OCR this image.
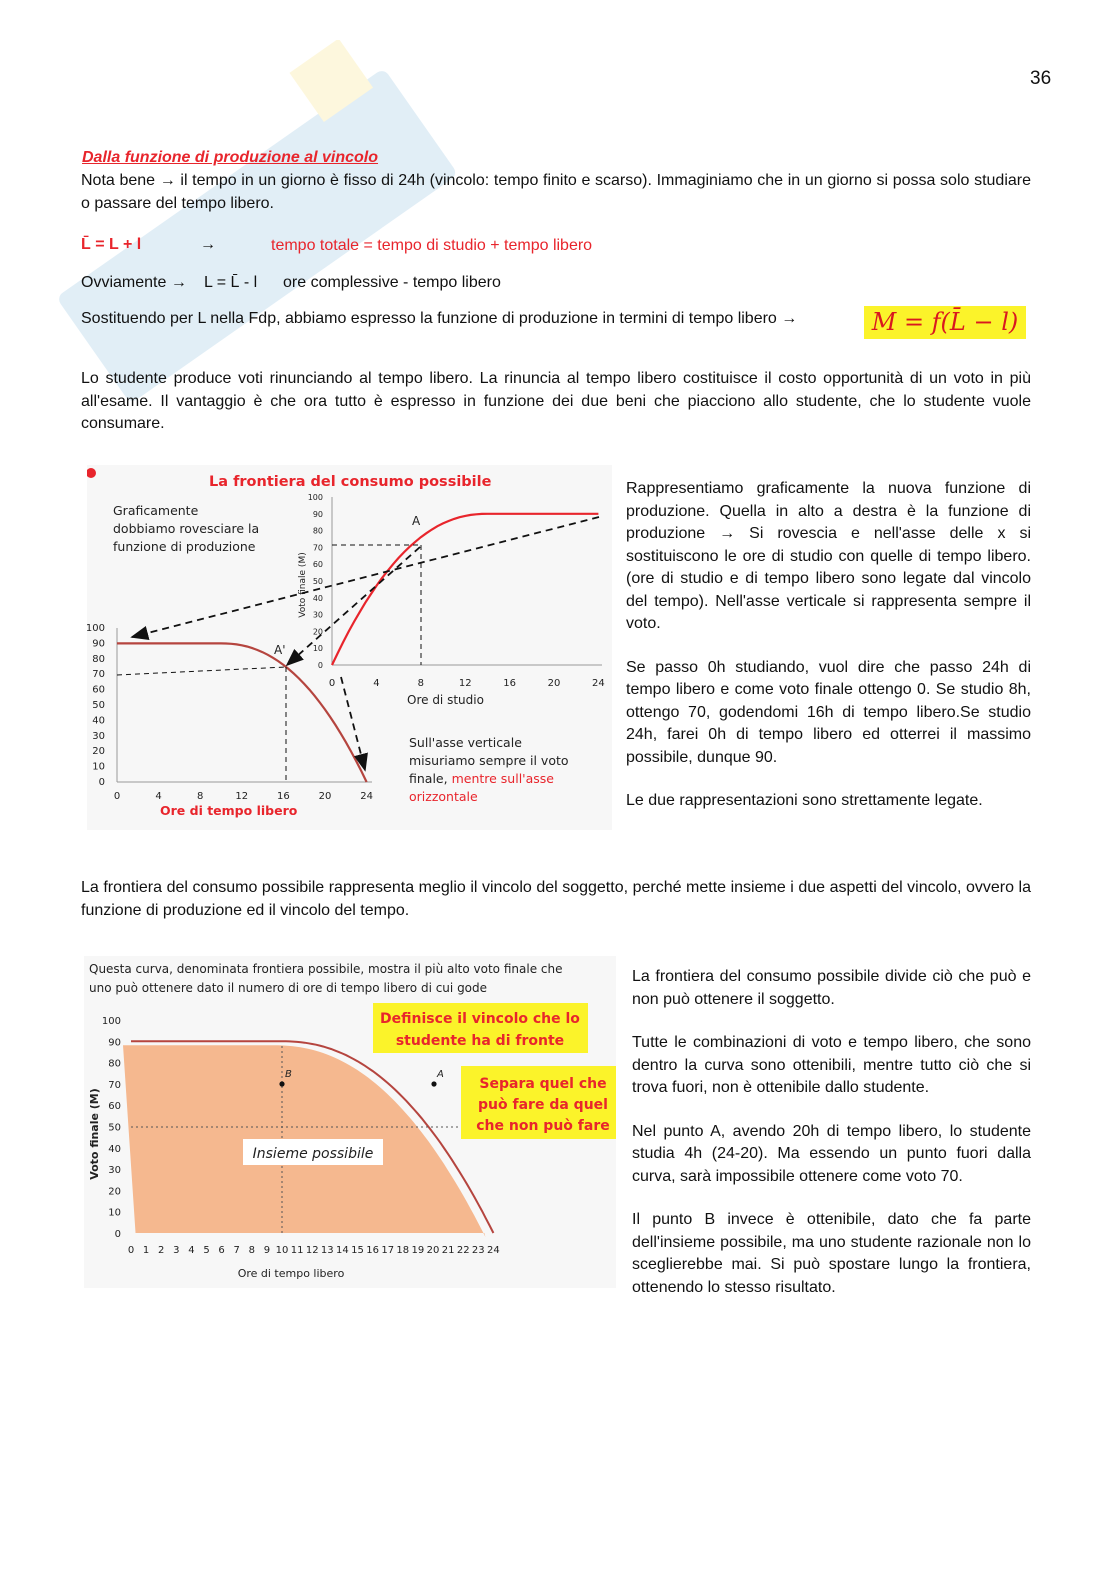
36
Dalla funzione di produzione al vincolo

Nota bene → il tempo in un giorno è fisso di 24h (vincolo: tempo finito e scarso). Immaginiamo che in un giorno si possa solo studiare o passare del tempo libero.

L̄ = L + l	→	tempo totale = tempo di studio + tempo libero
Ovviamente → L = L̄ - l ore complessive - tempo libero
Sostituendo per L nella Fdp, abbiamo espresso la funzione di produzione in termini di tempo libero →	M = f(L̄ − l)

Lo studente produce voti rinunciando al tempo libero. La rinuncia al tempo libero costituisce il costo opportunità di un voto in più all'esame. Il vantaggio è che ora tutto è espresso in funzione dei due beni che piacciono allo studente, che lo studente vuole consumare.

La frontiera del consumo possibile
Graficamente
dobbiamo rovesciare la
funzione di produzione
100
90
80
70
60
50
40
30
20
10
0
0	4	8	12	16	20	24
Voto finale (M)
Ore di studio
A
100
90
80
70
60
50
40
30
20
10
0
0	4	8	12	16	20	24
Ore di tempo libero
A'
Sull'asse verticale
misuriamo sempre il voto
finale, mentre sull'asse
orizzontale

Rappresentiamo graficamente la nuova funzione di produzione. Quella in alto a destra è la funzione di produzione → Si rovescia e nell'asse delle x si sostituiscono le ore di studio con quelle di tempo libero. (ore di studio e di tempo libero sono legate dal vincolo del tempo). Nell'asse verticale si rappresenta sempre il voto.

Se passo 0h studiando, vuol dire che passo 24h di tempo libero e come voto finale ottengo 0. Se studio 8h, ottengo 70, godendomi 16h di tempo libero.Se studio 24h, farei 0h di tempo libero ed otterrei il massimo possibile, dunque 90.

Le due rappresentazioni sono strettamente legate.

La frontiera del consumo possibile rappresenta meglio il vincolo del soggetto, perché mette insieme i due aspetti del vincolo, ovvero la funzione di produzione ed il vincolo del tempo.

Questa curva, denominata frontiera possibile, mostra il più alto voto finale che
uno può ottenere dato il numero di ore di tempo libero di cui gode
100
90
80
70
60
50
40
30
20
10
0
0 1 2 3 4 5 6 7 8 9 10 11 12 13 14 15 16 17 18 19 20 21 22 23 24
B	A
Voto finale (M)
Ore di tempo libero
Insieme possibile
Definisce il vincolo che lo
studente ha di fronte
Separa quel che
può fare da quel
che non può fare

La frontiera del consumo possibile divide ciò che può e non può ottenere il soggetto.

Tutte le combinazioni di voto e tempo libero, che sono dentro la curva sono ottenibili, mentre tutto ciò che si trova fuori, non è ottenibile dallo studente.

Nel punto A, avendo 20h di tempo libero, lo studente studia 4h (24-20). Ma essendo un punto fuori dalla curva, sarà impossibile ottenere come voto 70.

Il punto B invece è ottenibile, dato che fa parte dell'insieme possibile, ma uno studente razionale non lo sceglierebbe mai. Si può spostare lungo la frontiera, ottenendo lo stesso risultato.
